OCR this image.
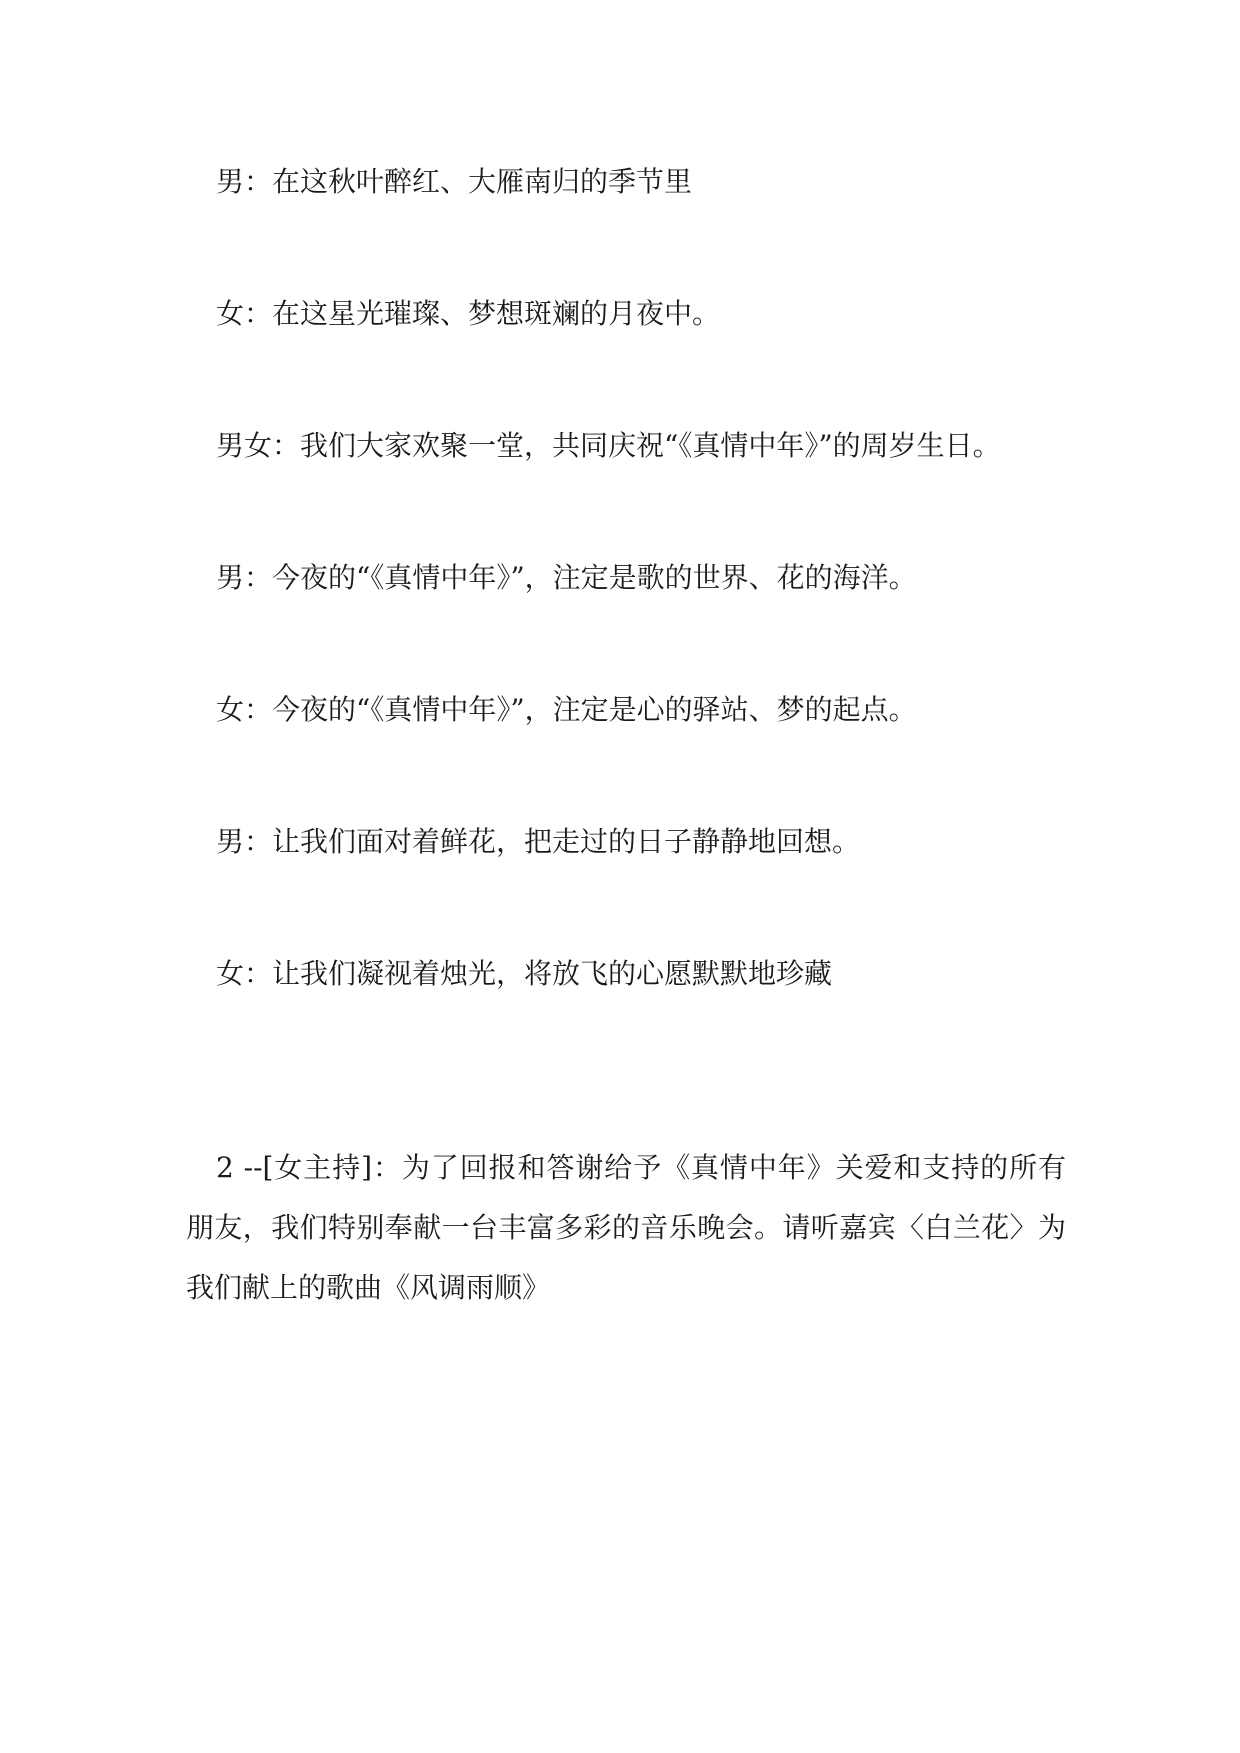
男：在这秋叶醉红、大雁南归的季节里

女：在这星光璀璨、梦想斑斓的月夜中。

男女：我们大家欢聚一堂，共同庆祝“《真情中年》”的周岁生日。

男：今夜的“《真情中年》”，注定是歌的世界、花的海洋。

女：今夜的“《真情中年》”，注定是心的驿站、梦的起点。

男：让我们面对着鲜花，把走过的日子静静地回想。

女：让我们凝视着烛光，将放飞的心愿默默地珍藏

2 --[女主持]：为了回报和答谢给予《真情中年》关爱和支持的所有朋友，我们特别奉献一台丰富多彩的音乐晚会。请听嘉宾〈白兰花〉为我们献上的歌曲《风调雨顺》
